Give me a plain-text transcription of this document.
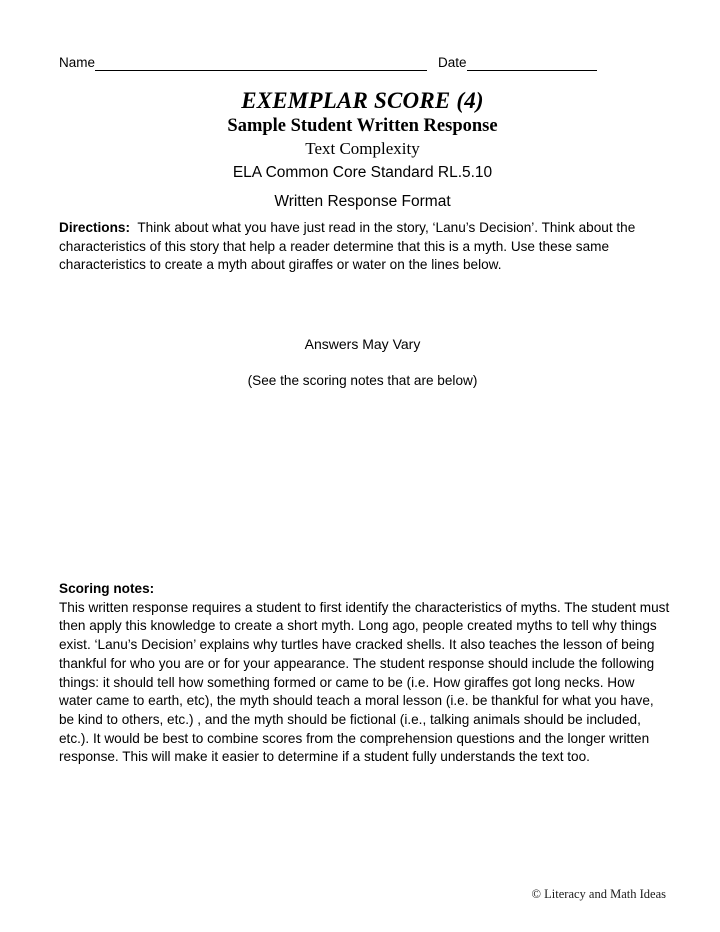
Name	Date
EXEMPLAR SCORE (4)
Sample Student Written Response
Text Complexity
ELA Common Core Standard RL.5.10
Written Response Format
Directions: Think about what you have just read in the story, ‘Lanu’s Decision’. Think about the characteristics of this story that help a reader determine that this is a myth. Use these same characteristics to create a myth about giraffes or water on the lines below.
Answers May Vary
(See the scoring notes that are below)
Scoring notes:
This written response requires a student to first identify the characteristics of myths. The student must then apply this knowledge to create a short myth. Long ago, people created myths to tell why things exist. ‘Lanu’s Decision’ explains why turtles have cracked shells. It also teaches the lesson of being thankful for who you are or for your appearance. The student response should include the following things: it should tell how something formed or came to be (i.e. How giraffes got long necks. How water came to earth, etc), the myth should teach a moral lesson (i.e. be thankful for what you have, be kind to others, etc.) , and the myth should be fictional (i.e., talking animals should be included, etc.). It would be best to combine scores from the comprehension questions and the longer written response. This will make it easier to determine if a student fully understands the text too.
© Literacy and Math Ideas
